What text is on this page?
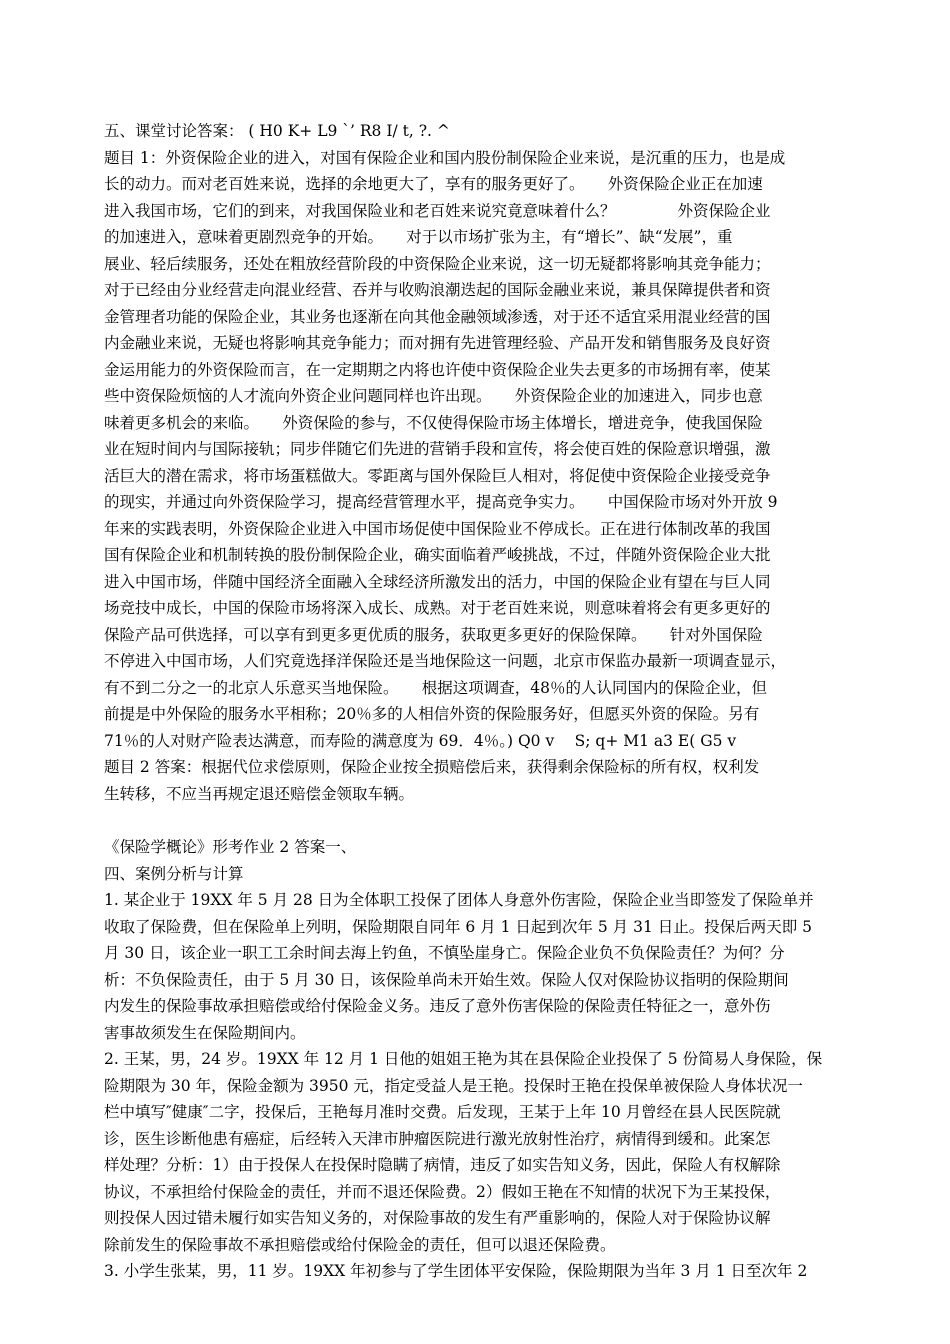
五、课堂讨论答案： ( H0 K+ L9 `’ R8 I/ t, ?. ^

题目 1：外资保险企业的进入，对国有保险企业和国内股份制保险企业来说，是沉重的压力，也是成

长的动力。而对老百姓来说，选择的余地更大了，享有的服务更好了。　　外资保险企业正在加速

进入我国市场，它们的到来，对我国保险业和老百姓来说究竟意味着什么？　　　　外资保险企业

的加速进入，意味着更剧烈竞争的开始。　　对于以市场扩张为主，有“增长”、缺“发展”，重

展业、轻后续服务，还处在粗放经营阶段的中资保险企业来说，这一切无疑都将影响其竞争能力；

对于已经由分业经营走向混业经营、吞并与收购浪潮迭起的国际金融业来说，兼具保障提供者和资

金管理者功能的保险企业，其业务也逐渐在向其他金融领域渗透，对于还不适宜采用混业经营的国

内金融业来说，无疑也将影响其竞争能力；而对拥有先进管理经验、产品开发和销售服务及良好资

金运用能力的外资保险而言，在一定期期之内将也许使中资保险企业失去更多的市场拥有率，使某

些中资保险烦恼的人才流向外资企业问题同样也许出现。　　外资保险企业的加速进入，同步也意

味着更多机会的来临。　　外资保险的参与，不仅使得保险市场主体增长，增进竞争，使我国保险

业在短时间内与国际接轨；同步伴随它们先进的营销手段和宣传，将会使百姓的保险意识增强，激

活巨大的潜在需求，将市场蛋糕做大。零距离与国外保险巨人相对，将促使中资保险企业接受竞争

的现实，并通过向外资保险学习，提高经营管理水平，提高竞争实力。　　中国保险市场对外开放 9

年来的实践表明，外资保险企业进入中国市场促使中国保险业不停成长。正在进行体制改革的我国

国有保险企业和机制转换的股份制保险企业，确实面临着严峻挑战，不过，伴随外资保险企业大批

进入中国市场，伴随中国经济全面融入全球经济所激发出的活力，中国的保险企业有望在与巨人同

场竞技中成长，中国的保险市场将深入成长、成熟。对于老百姓来说，则意味着将会有更多更好的

保险产品可供选择，可以享有到更多更优质的服务，获取更多更好的保险保障。　　针对外国保险

不停进入中国市场，人们究竟选择洋保险还是当地保险这一问题，北京市保监办最新一项调查显示，

有不到二分之一的北京人乐意买当地保险。　　根据这项调查，48％的人认同国内的保险企业，但

前提是中外保险的服务水平相称；20％多的人相信外资的保险服务好，但愿买外资的保险。另有

71％的人对财产险表达满意，而寿险的满意度为 69．4％。) Q0 v　 S; q+ M1 a3 E( G5 v

题目 2 答案：根据代位求偿原则，保险企业按全损赔偿后来，获得剩余保险标的所有权，权利发

生转移，不应当再规定退还赔偿金领取车辆。

《保险学概论》形考作业 2 答案一、

四、案例分析与计算

1. 某企业于 19XX 年 5 月 28 日为全体职工投保了团体人身意外伤害险，保险企业当即签发了保险单并

收取了保险费，但在保险单上列明，保险期限自同年 6 月 1 日起到次年 5 月 31 日止。投保后两天即 5

月 30 日，该企业一职工工余时间去海上钓鱼，不慎坠崖身亡。保险企业负不负保险责任？为何？分

析：不负保险责任，由于 5 月 30 日，该保险单尚未开始生效。保险人仅对保险协议指明的保险期间

内发生的保险事故承担赔偿或给付保险金义务。违反了意外伤害保险的保险责任特征之一，意外伤

害事故须发生在保险期间内。

2. 王某，男，24 岁。19XX 年 12 月 1 日他的姐姐王艳为其在县保险企业投保了 5 份简易人身保险，保

险期限为 30 年，保险金额为 3950 元，指定受益人是王艳。投保时王艳在投保单被保险人身体状况一

栏中填写″健康″二字，投保后，王艳每月准时交费。后发现，王某于上年 10 月曾经在县人民医院就

诊，医生诊断他患有癌症，后经转入天津市肿瘤医院进行激光放射性治疗，病情得到缓和。此案怎

样处理？分析：1）由于投保人在投保时隐瞒了病情，违反了如实告知义务，因此，保险人有权解除

协议，不承担给付保险金的责任，并而不退还保险费。2）假如王艳在不知情的状况下为王某投保，

则投保人因过错未履行如实告知义务的，对保险事故的发生有严重影响的，保险人对于保险协议解

除前发生的保险事故不承担赔偿或给付保险金的责任，但可以退还保险费。

3. 小学生张某，男，11 岁。19XX 年初参与了学生团体平安保险，保险期限为当年 3 月 1 日至次年 2
